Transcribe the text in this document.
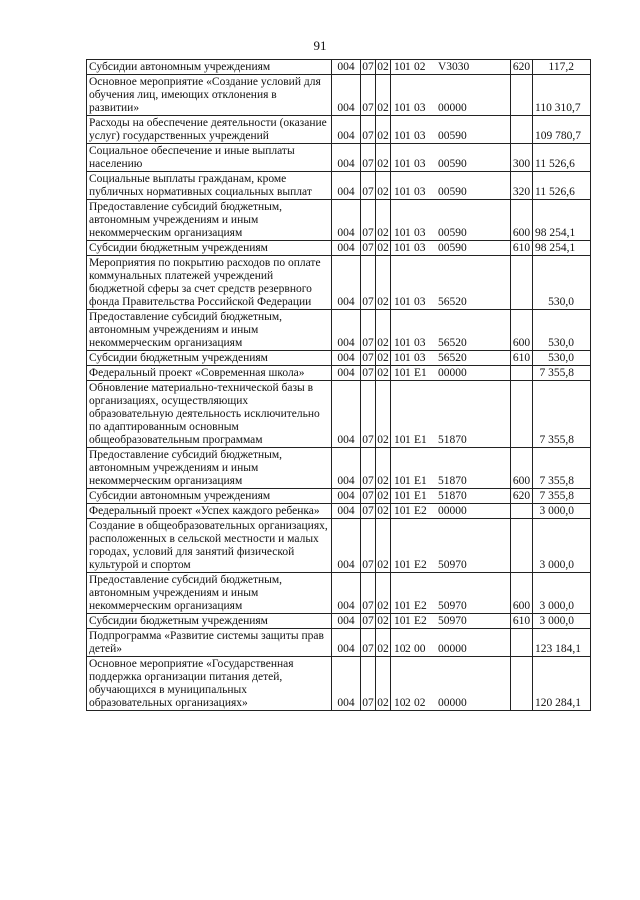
91
Субсидии автономным учреждениям	004	07	02	101 02 V3030	620	117,2
Основное мероприятие «Создание условий для обучения лиц, имеющих отклонения в развитии»	004	07	02	101 03 00000		110 310,7
Расходы на обеспечение деятельности (оказание услуг) государственных учреждений	004	07	02	101 03 00590		109 780,7
Социальное обеспечение и иные выплаты населению	004	07	02	101 03 00590	300	11 526,6
Социальные выплаты гражданам, кроме публичных нормативных социальных выплат	004	07	02	101 03 00590	320	11 526,6
Предоставление субсидий бюджетным, автономным учреждениям и иным некоммерческим организациям	004	07	02	101 03 00590	600	98 254,1
Субсидии бюджетным учреждениям	004	07	02	101 03 00590	610	98 254,1
Мероприятия по покрытию расходов по оплате коммунальных платежей учреждений бюджетной сферы за счет средств резервного фонда Правительства Российской Федерации	004	07	02	101 03 56520		530,0
Предоставление субсидий бюджетным, автономным учреждениям и иным некоммерческим организациям	004	07	02	101 03 56520	600	530,0
Субсидии бюджетным учреждениям	004	07	02	101 03 56520	610	530,0
Федеральный проект «Современная школа»	004	07	02	101 E1 00000		7 355,8
Обновление материально-технической базы в организациях, осуществляющих образовательную деятельность исключительно по адаптированным основным общеобразовательным программам	004	07	02	101 E1 51870		7 355,8
Предоставление субсидий бюджетным, автономным учреждениям и иным некоммерческим организациям	004	07	02	101 E1 51870	600	7 355,8
Субсидии автономным учреждениям	004	07	02	101 E1 51870	620	7 355,8
Федеральный проект «Успех каждого ребенка»	004	07	02	101 E2 00000		3 000,0
Создание в общеобразовательных организациях, расположенных в сельской местности и малых городах, условий для занятий физической культурой и спортом	004	07	02	101 E2 50970		3 000,0
Предоставление субсидий бюджетным, автономным учреждениям и иным некоммерческим организациям	004	07	02	101 E2 50970	600	3 000,0
Субсидии бюджетным учреждениям	004	07	02	101 E2 50970	610	3 000,0
Подпрограмма «Развитие системы защиты прав детей»	004	07	02	102 00 00000		123 184,1
Основное мероприятие «Государственная поддержка организации питания детей, обучающихся в муниципальных образовательных организациях»	004	07	02	102 02 00000		120 284,1
